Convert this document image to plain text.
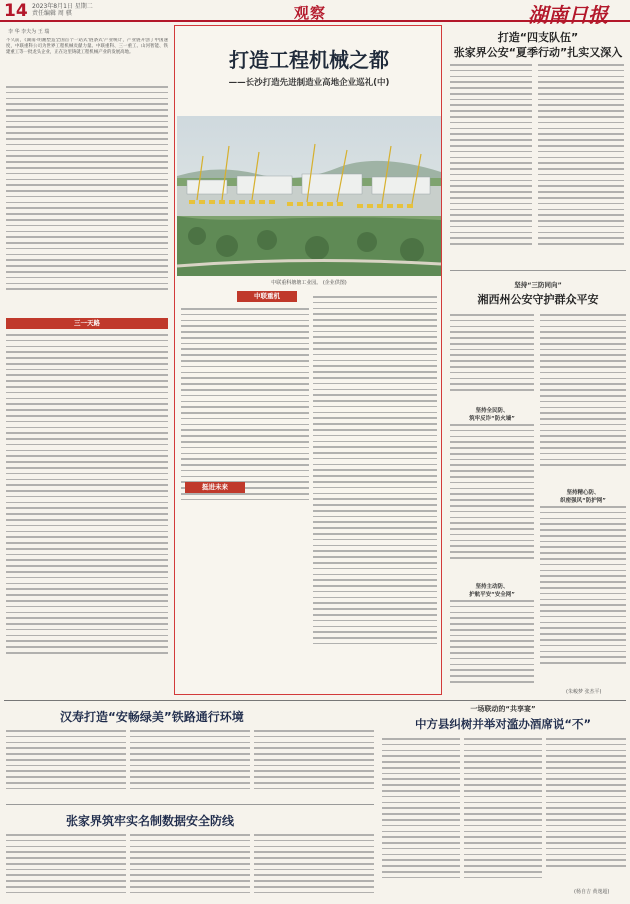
14 2023年8月1日 星期二
责任编辑 周 骐	观察	湖南日报
李 华 李夫为 王 瑞
不久前，《湖南·明湘塑造全国首个一站式'链条式'产业统计，产业链开创了中国速度，中联重科公司为世界工程机械贡献力量。中联重科、三一重工、山河智能、铁建重工等一批龙头企业，正在这里铸就工程机械产业的发展高地。
三一天路
打造工程机械之都
——长沙打造先进制造业高地企业巡礼(中)
中联重科塘塘工业园。 (企业供图)
中联重机
挺进未来
打造“四支队伍”
张家界公安“夏季行动”扎实又深入
坚持“三防同向”
湘西州公安守护群众平安
坚持全民防、
筑牢反诈“防火墙”
坚持主动防、
护航平安“安全网”
坚持精心防、
织密强风“防护网”
(朱峻梦 张杰平)
汉寿打造“安畅绿美”铁路通行环境
张家界筑牢实名制数据安全防线
一场联动的“共享宴”
中方县纠树并举对滥办酒席说“不”
(杨自吉 黄逸超)
